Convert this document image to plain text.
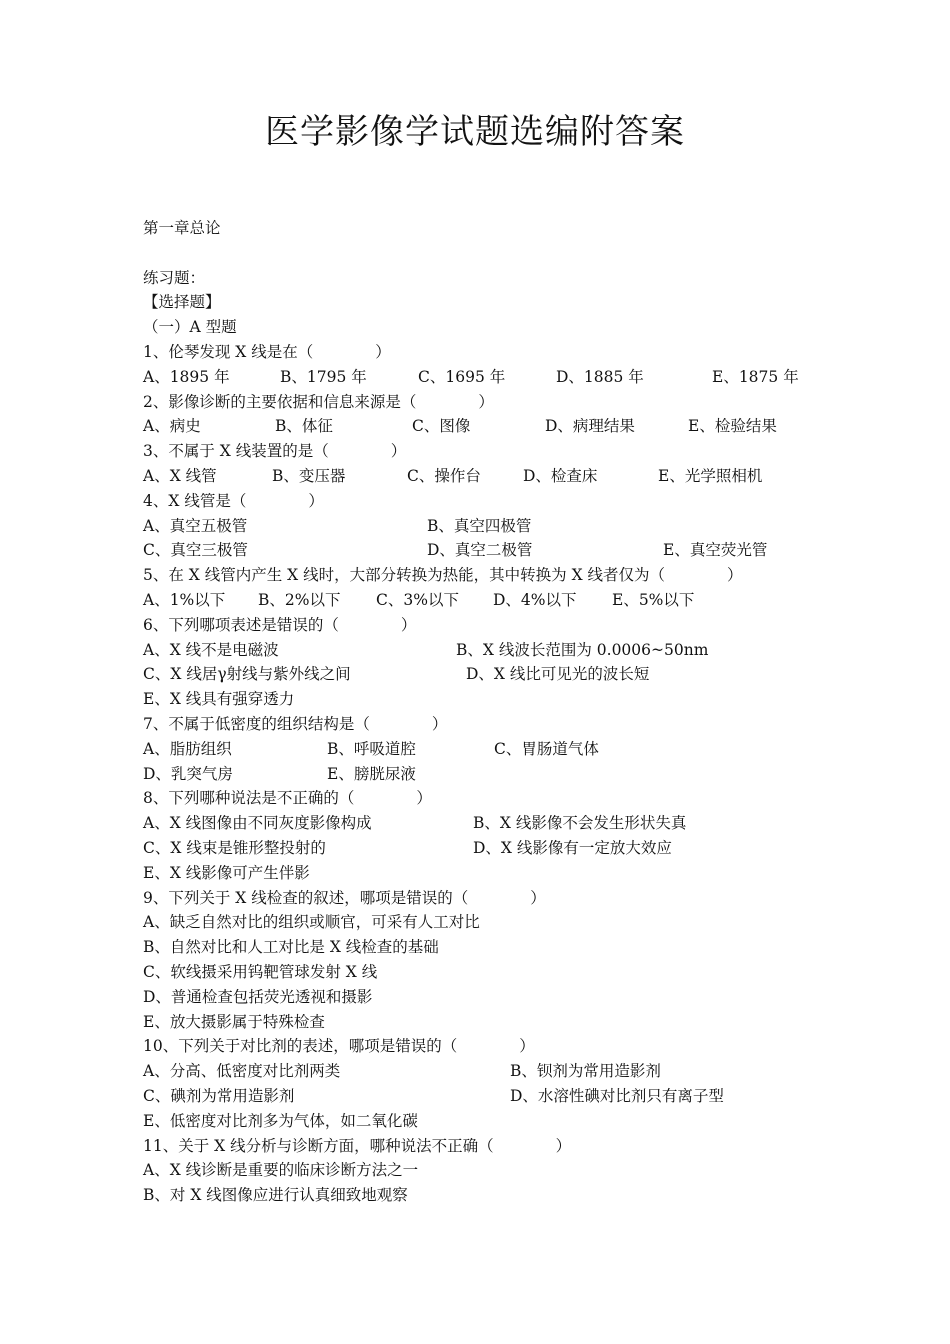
医学影像学试题选编附答案
第一章总论
练习题：
【选择题】
（一）A 型题
1、伦琴发现 X 线是在（　　　　）
A、1895 年	B、1795 年	C、1695 年	D、1885 年	E、1875 年
2、影像诊断的主要依据和信息来源是（　　　　）
A、病史	B、体征	C、图像	D、病理结果	E、检验结果
3、不属于 X 线装置的是（　　　　）
A、X 线管	B、变压器	C、操作台	D、检查床	E、光学照相机
4、X 线管是（　　　　）
A、真空五极管	B、真空四极管
C、真空三极管	D、真空二极管	E、真空荧光管
5、在 X 线管内产生 X 线时，大部分转换为热能，其中转换为 X 线者仅为（　　　　）
A、1%以下 B、2%以下 C、3%以下 D、4%以下 E、5%以下
6、下列哪项表述是错误的（　　　　）
A、X 线不是电磁波	B、X 线波长范围为 0.0006~50nm
C、X 线居γ射线与紫外线之间	D、X 线比可见光的波长短
E、X 线具有强穿透力
7、不属于低密度的组织结构是（　　　　）
A、脂肪组织	B、呼吸道腔	C、胃肠道气体
D、乳突气房	E、膀胱尿液
8、下列哪种说法是不正确的（　　　　）
A、X 线图像由不同灰度影像构成	B、X 线影像不会发生形状失真
C、X 线束是锥形整投射的	D、X 线影像有一定放大效应
E、X 线影像可产生伴影
9、下列关于 X 线检查的叙述，哪项是错误的（　　　　）
A、缺乏自然对比的组织或顺官，可采有人工对比
B、自然对比和人工对比是 X 线检查的基础
C、软线摄采用钨靶管球发射 X 线
D、普通检查包括荧光透视和摄影
E、放大摄影属于特殊检查
10、下列关于对比剂的表述，哪项是错误的（　　　　）
A、分高、低密度对比剂两类	B、钡剂为常用造影剂
C、碘剂为常用造影剂	D、水溶性碘对比剂只有离子型
E、低密度对比剂多为气体，如二氧化碳
11、关于 X 线分析与诊断方面，哪种说法不正确（　　　　）
A、X 线诊断是重要的临床诊断方法之一
B、对 X 线图像应进行认真细致地观察
